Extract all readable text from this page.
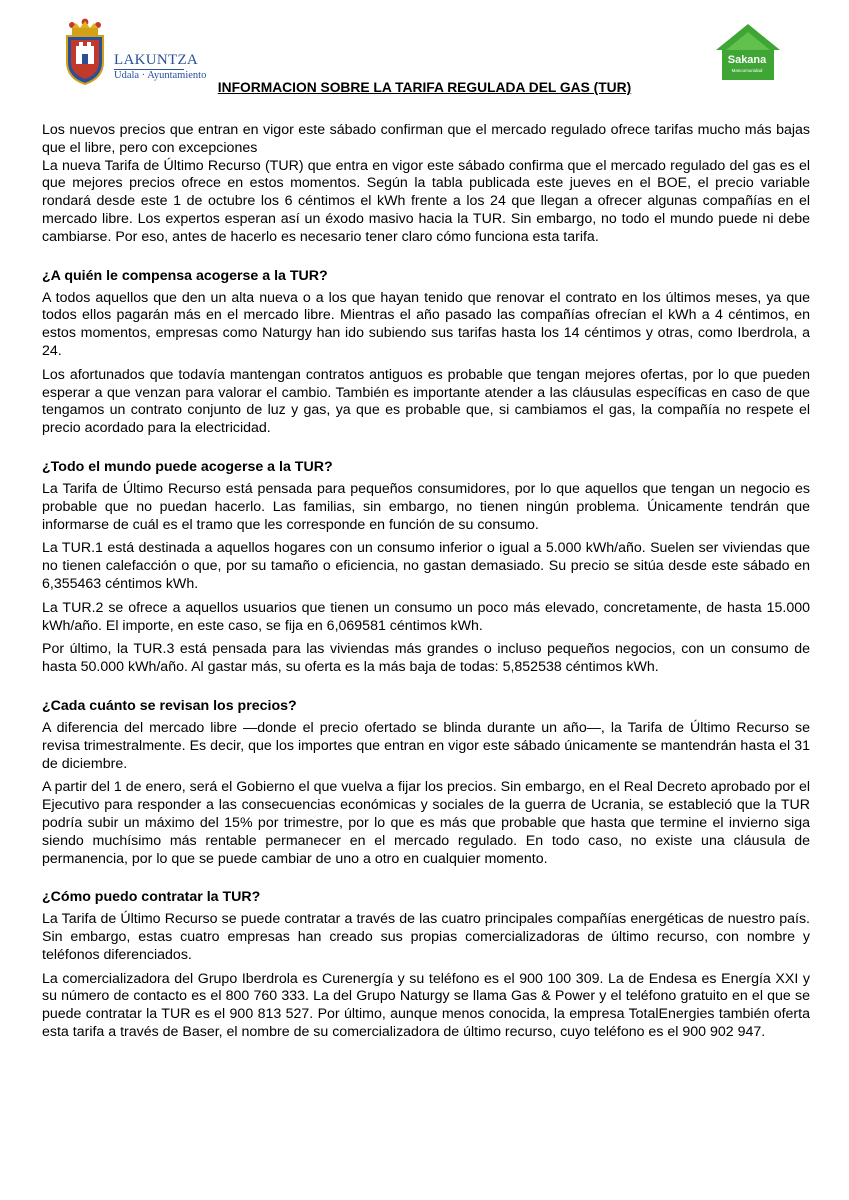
LAKUNTZA
Udala · Ayuntamiento
Sakana
Mancomunidad
INFORMACION SOBRE LA TARIFA REGULADA DEL GAS (TUR)

Los nuevos precios que entran en vigor este sábado confirman que el mercado regulado ofrece tarifas mucho más bajas que el libre, pero con excepciones

La nueva Tarifa de Último Recurso (TUR) que entra en vigor este sábado confirma que el mercado regulado del gas es el que mejores precios ofrece en estos momentos. Según la tabla publicada este jueves en el BOE, el precio variable rondará desde este 1 de octubre los 6 céntimos el kWh frente a los 24 que llegan a ofrecer algunas compañías en el mercado libre. Los expertos esperan así un éxodo masivo hacia la TUR. Sin embargo, no todo el mundo puede ni debe cambiarse. Por eso, antes de hacerlo es necesario tener claro cómo funciona esta tarifa.

¿A quién le compensa acogerse a la TUR?

A todos aquellos que den un alta nueva o a los que hayan tenido que renovar el contrato en los últimos meses, ya que todos ellos pagarán más en el mercado libre. Mientras el año pasado las compañías ofrecían el kWh a 4 céntimos, en estos momentos, empresas como Naturgy han ido subiendo sus tarifas hasta los 14 céntimos y otras, como Iberdrola, a 24.

Los afortunados que todavía mantengan contratos antiguos es probable que tengan mejores ofertas, por lo que pueden esperar a que venzan para valorar el cambio. También es importante atender a las cláusulas específicas en caso de que tengamos un contrato conjunto de luz y gas, ya que es probable que, si cambiamos el gas, la compañía no respete el precio acordado para la electricidad.

¿Todo el mundo puede acogerse a la TUR?

La Tarifa de Último Recurso está pensada para pequeños consumidores, por lo que aquellos que tengan un negocio es probable que no puedan hacerlo. Las familias, sin embargo, no tienen ningún problema. Únicamente tendrán que informarse de cuál es el tramo que les corresponde en función de su consumo.

La TUR.1 está destinada a aquellos hogares con un consumo inferior o igual a 5.000 kWh/año. Suelen ser viviendas que no tienen calefacción o que, por su tamaño o eficiencia, no gastan demasiado. Su precio se sitúa desde este sábado en 6,355463 céntimos kWh.

La TUR.2 se ofrece a aquellos usuarios que tienen un consumo un poco más elevado, concretamente, de hasta 15.000 kWh/año. El importe, en este caso, se fija en 6,069581 céntimos kWh.

Por último, la TUR.3 está pensada para las viviendas más grandes o incluso pequeños negocios, con un consumo de hasta 50.000 kWh/año. Al gastar más, su oferta es la más baja de todas: 5,852538 céntimos kWh.

¿Cada cuánto se revisan los precios?

A diferencia del mercado libre —donde el precio ofertado se blinda durante un año—, la Tarifa de Último Recurso se revisa trimestralmente. Es decir, que los importes que entran en vigor este sábado únicamente se mantendrán hasta el 31 de diciembre.

A partir del 1 de enero, será el Gobierno el que vuelva a fijar los precios. Sin embargo, en el Real Decreto aprobado por el Ejecutivo para responder a las consecuencias económicas y sociales de la guerra de Ucrania, se estableció que la TUR podría subir un máximo del 15% por trimestre, por lo que es más que probable que hasta que termine el invierno siga siendo muchísimo más rentable permanecer en el mercado regulado. En todo caso, no existe una cláusula de permanencia, por lo que se puede cambiar de uno a otro en cualquier momento.

¿Cómo puedo contratar la TUR?

La Tarifa de Último Recurso se puede contratar a través de las cuatro principales compañías energéticas de nuestro país. Sin embargo, estas cuatro empresas han creado sus propias comercializadoras de último recurso, con nombre y teléfonos diferenciados.

La comercializadora del Grupo Iberdrola es Curenergía y su teléfono es el 900 100 309. La de Endesa es Energía XXI y su número de contacto es el 800 760 333. La del Grupo Naturgy se llama Gas & Power y el teléfono gratuito en el que se puede contratar la TUR es el 900 813 527. Por último, aunque menos conocida, la empresa TotalEnergies también oferta esta tarifa a través de Baser, el nombre de su comercializadora de último recurso, cuyo teléfono es el 900 902 947.
